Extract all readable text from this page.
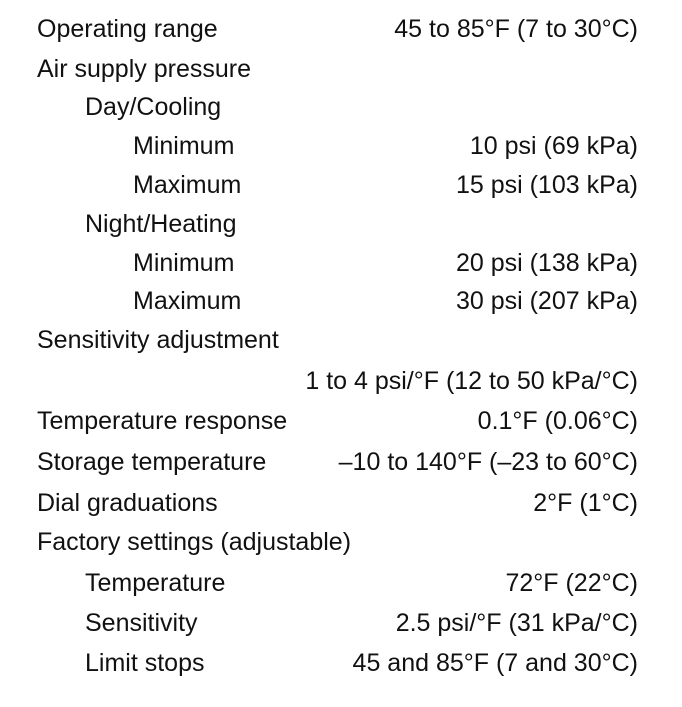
Operating range	45 to 85°F (7 to 30°C)
Air supply pressure
Day/Cooling
Minimum	10 psi (69 kPa)
Maximum	15 psi (103 kPa)
Night/Heating
Minimum	20 psi (138 kPa)
Maximum	30 psi (207 kPa)
Sensitivity adjustment
1 to 4 psi/°F (12 to 50 kPa/°C)
Temperature response	0.1°F (0.06°C)
Storage temperature	–10 to 140°F (–23 to 60°C)
Dial graduations	2°F (1°C)
Factory settings (adjustable)
Temperature	72°F (22°C)
Sensitivity	2.5 psi/°F (31 kPa/°C)
Limit stops	45 and 85°F (7 and 30°C)
